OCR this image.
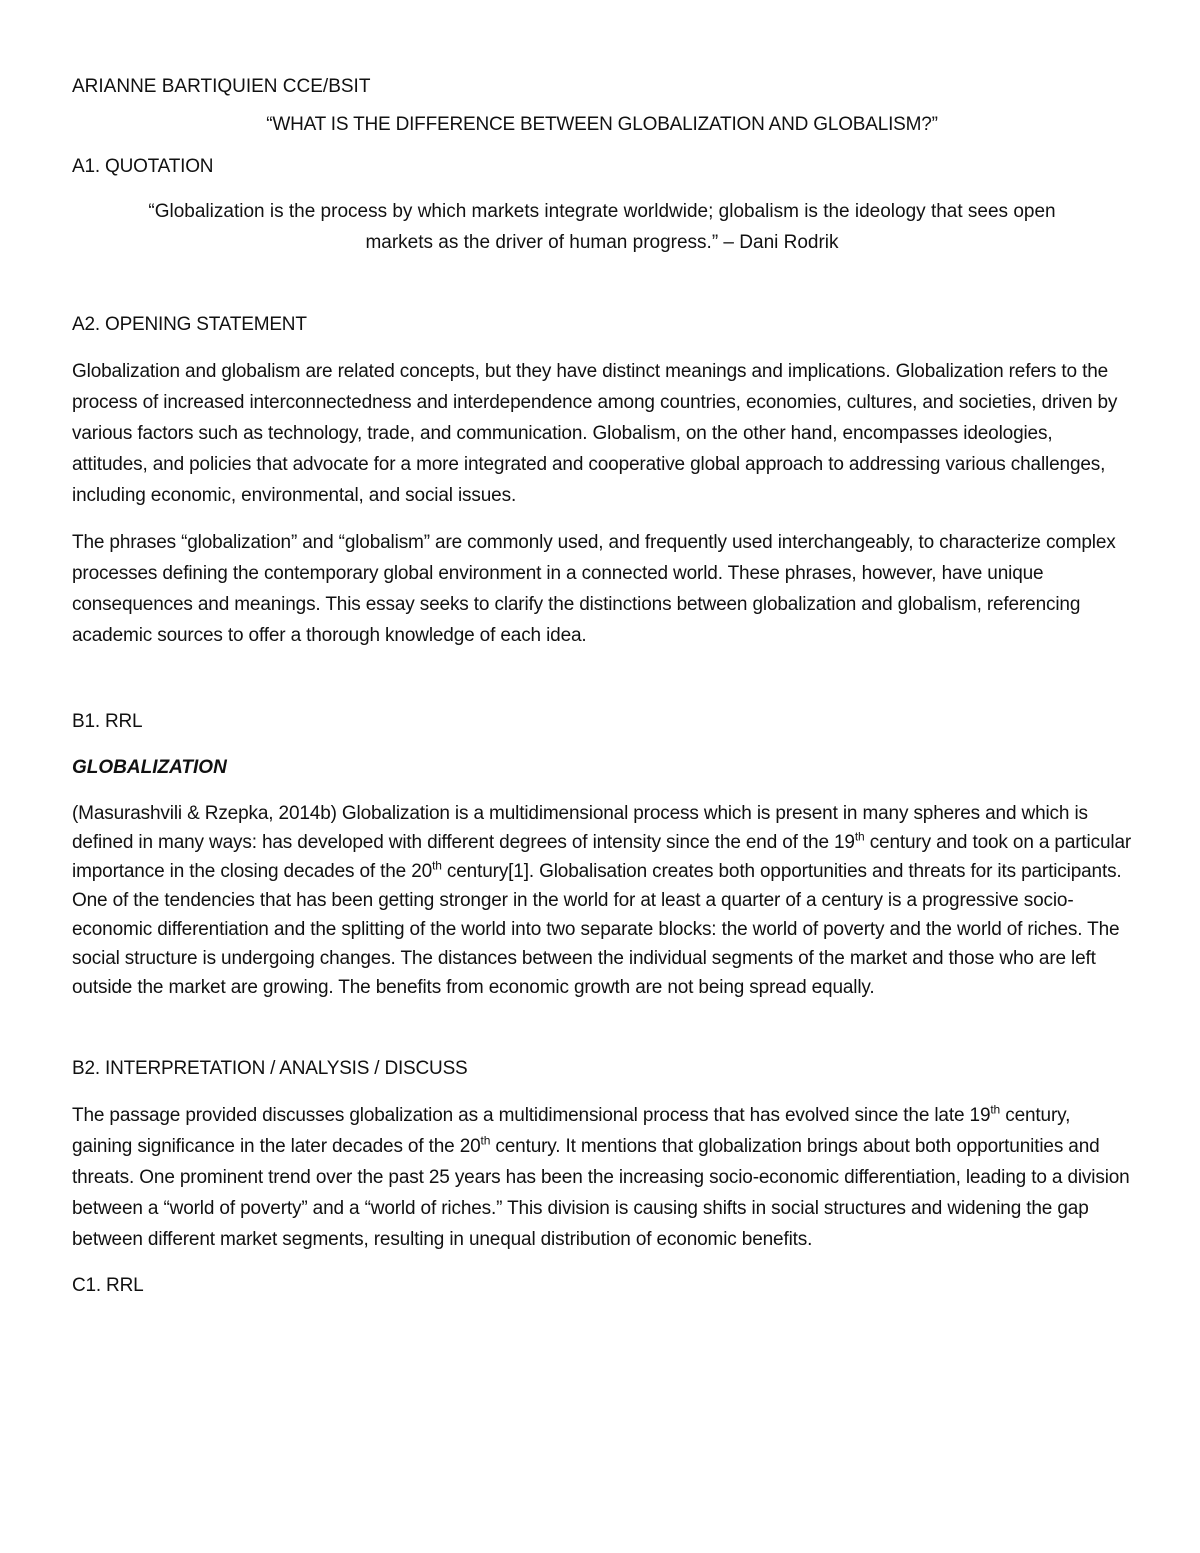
ARIANNE BARTIQUIEN CCE/BSIT

“WHAT IS THE DIFFERENCE BETWEEN GLOBALIZATION AND GLOBALISM?”

A1. QUOTATION

“Globalization is the process by which markets integrate worldwide; globalism is the ideology that sees open
markets as the driver of human progress.” – Dani Rodrik

A2. OPENING STATEMENT

Globalization and globalism are related concepts, but they have distinct meanings and implications. Globalization refers to the process of increased interconnectedness and interdependence among countries, economies, cultures, and societies, driven by various factors such as technology, trade, and communication. Globalism, on the other hand, encompasses ideologies, attitudes, and policies that advocate for a more integrated and cooperative global approach to addressing various challenges, including economic, environmental, and social issues.

The phrases “globalization” and “globalism” are commonly used, and frequently used interchangeably, to characterize complex processes defining the contemporary global environment in a connected world. These phrases, however, have unique consequences and meanings. This essay seeks to clarify the distinctions between globalization and globalism, referencing academic sources to offer a thorough knowledge of each idea.

B1. RRL

GLOBALIZATION

(Masurashvili & Rzepka, 2014b) Globalization is a multidimensional process which is present in many spheres and which is defined in many ways: has developed with different degrees of intensity since the end of the 19th century and took on a particular importance in the closing decades of the 20th century[1]. Globalisation creates both opportunities and threats for its participants. One of the tendencies that has been getting stronger in the world for at least a quarter of a century is a progressive socio-economic differentiation and the splitting of the world into two separate blocks: the world of poverty and the world of riches. The social structure is undergoing changes. The distances between the individual segments of the market and those who are left outside the market are growing. The benefits from economic growth are not being spread equally.

B2. INTERPRETATION / ANALYSIS / DISCUSS

The passage provided discusses globalization as a multidimensional process that has evolved since the late 19th century, gaining significance in the later decades of the 20th century. It mentions that globalization brings about both opportunities and threats. One prominent trend over the past 25 years has been the increasing socio-economic differentiation, leading to a division between a “world of poverty” and a “world of riches.” This division is causing shifts in social structures and widening the gap between different market segments, resulting in unequal distribution of economic benefits.

C1. RRL
